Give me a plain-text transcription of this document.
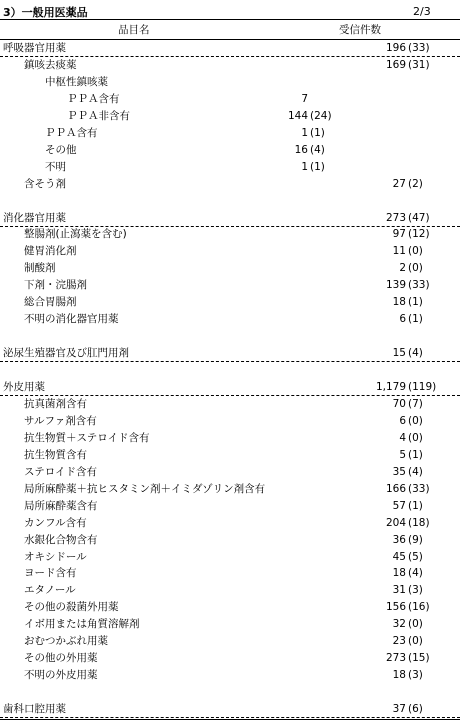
3）一般用医薬品	2/3
品目名	受信件数
呼吸器官用薬	196 (33)
鎮咳去痰薬	169 (31)
中枢性鎮咳薬
ＰＰＡ含有	7
ＰＰＡ非含有	144 (24)
ＰＰＡ含有	1 (1)
その他	16 (4)
不明	1 (1)
含そう剤	27 (2)
消化器官用薬	273 (47)
整腸剤(止瀉薬を含む)	97 (12)
健胃消化剤	11 (0)
制酸剤	2 (0)
下剤・浣腸剤	139 (33)
総合胃腸剤	18 (1)
不明の消化器官用薬	6 (1)
泌尿生殖器官及び肛門用剤	15 (4)
外皮用薬	1,179 (119)
抗真菌剤含有	70 (7)
サルファ剤含有	6 (0)
抗生物質＋ステロイド含有	4 (0)
抗生物質含有	5 (1)
ステロイド含有	35 (4)
局所麻酔薬＋抗ヒスタミン剤＋イミダゾリン剤含有	166 (33)
局所麻酔薬含有	57 (1)
カンフル含有	204 (18)
水銀化合物含有	36 (9)
オキシドール	45 (5)
ヨード含有	18 (4)
エタノール	31 (3)
その他の殺菌外用薬	156 (16)
イボ用または角質溶解剤	32 (0)
おむつかぶれ用薬	23 (0)
その他の外用薬	273 (15)
不明の外皮用薬	18 (3)
歯科口腔用薬	37 (6)
